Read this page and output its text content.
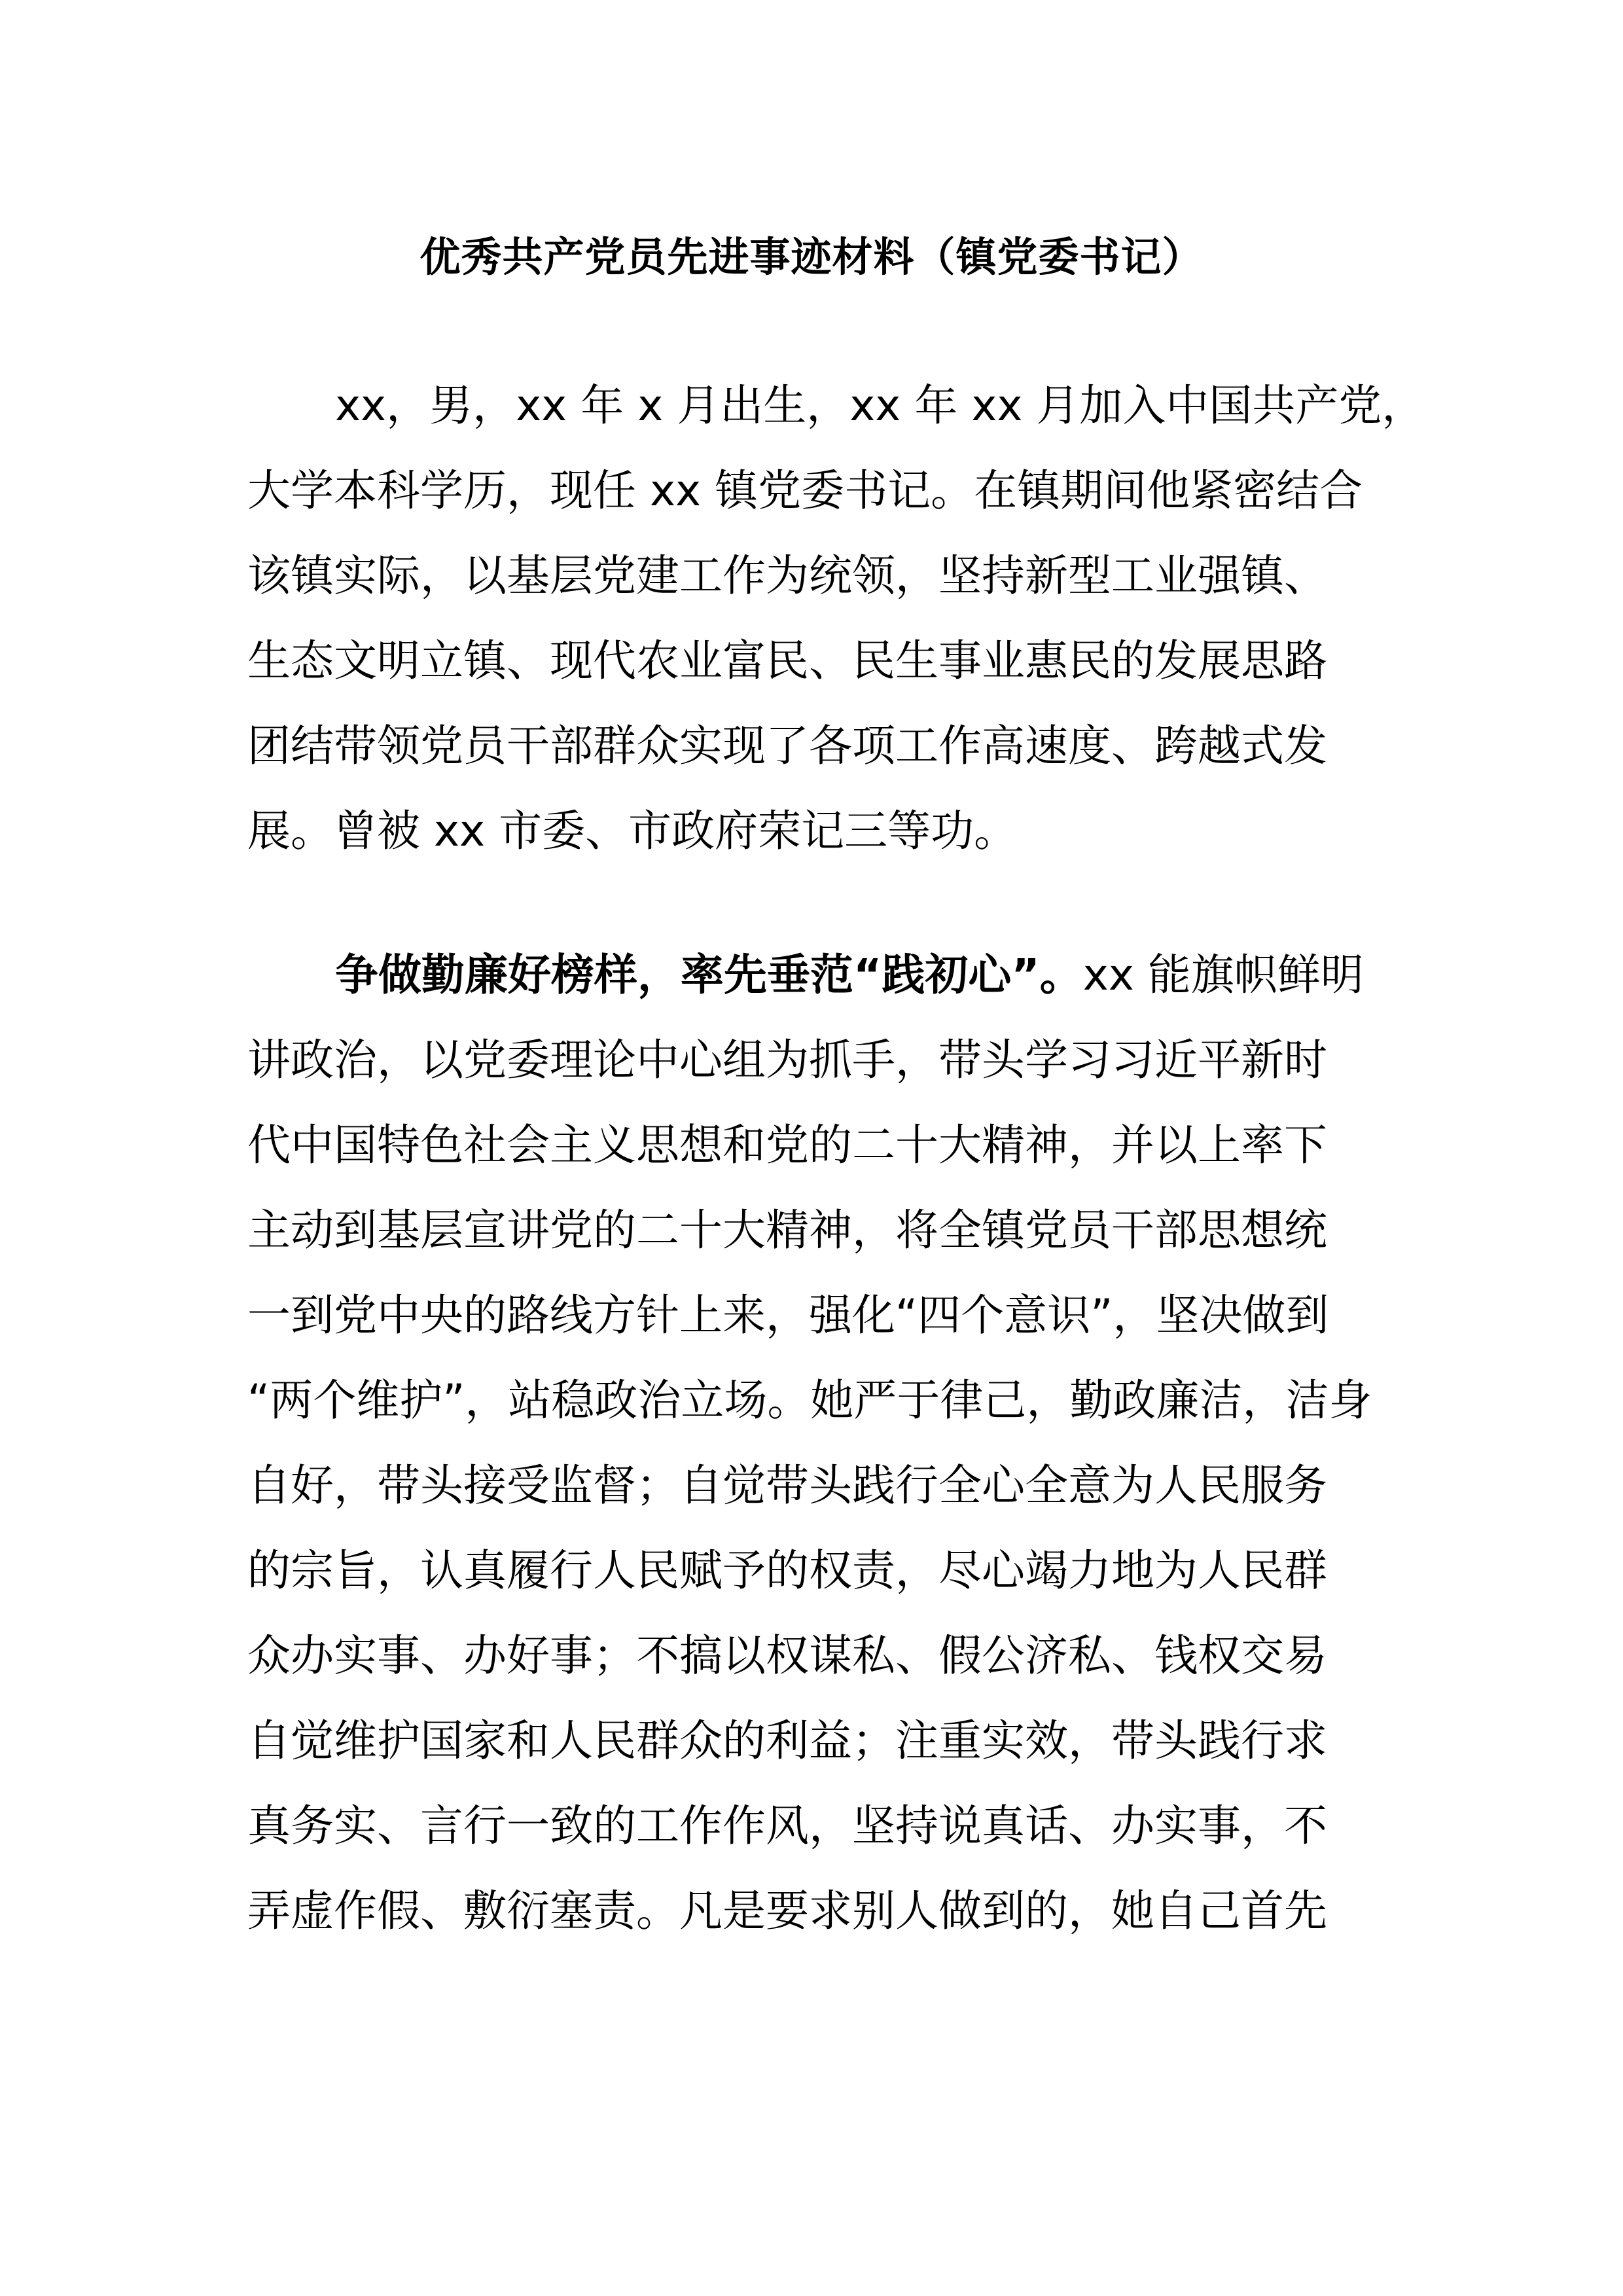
优秀共产党员先进事迹材料（镇党委书记）
xx，男，xx 年 x 月出生，xx 年 xx 月加入中国共产党，
大学本科学历，现任 xx 镇党委书记。在镇期间他紧密结合
该镇实际，以基层党建工作为统领，坚持新型工业强镇、
生态文明立镇、现代农业富民、民生事业惠民的发展思路
团结带领党员干部群众实现了各项工作高速度、跨越式发
展。曾被 xx 市委、市政府荣记三等功。
争做勤廉好榜样，率先垂范“践初心”。xx 能旗帜鲜明
讲政治，以党委理论中心组为抓手，带头学习习近平新时
代中国特色社会主义思想和党的二十大精神，并以上率下
主动到基层宣讲党的二十大精神，将全镇党员干部思想统
一到党中央的路线方针上来，强化“四个意识”，坚决做到
“两个维护”，站稳政治立场。她严于律己，勤政廉洁，洁身
自好，带头接受监督；自觉带头践行全心全意为人民服务
的宗旨，认真履行人民赋予的权责，尽心竭力地为人民群
众办实事、办好事；不搞以权谋私、假公济私、钱权交易
自觉维护国家和人民群众的利益；注重实效，带头践行求
真务实、言行一致的工作作风，坚持说真话、办实事，不
弄虚作假、敷衍塞责。凡是要求别人做到的，她自己首先
